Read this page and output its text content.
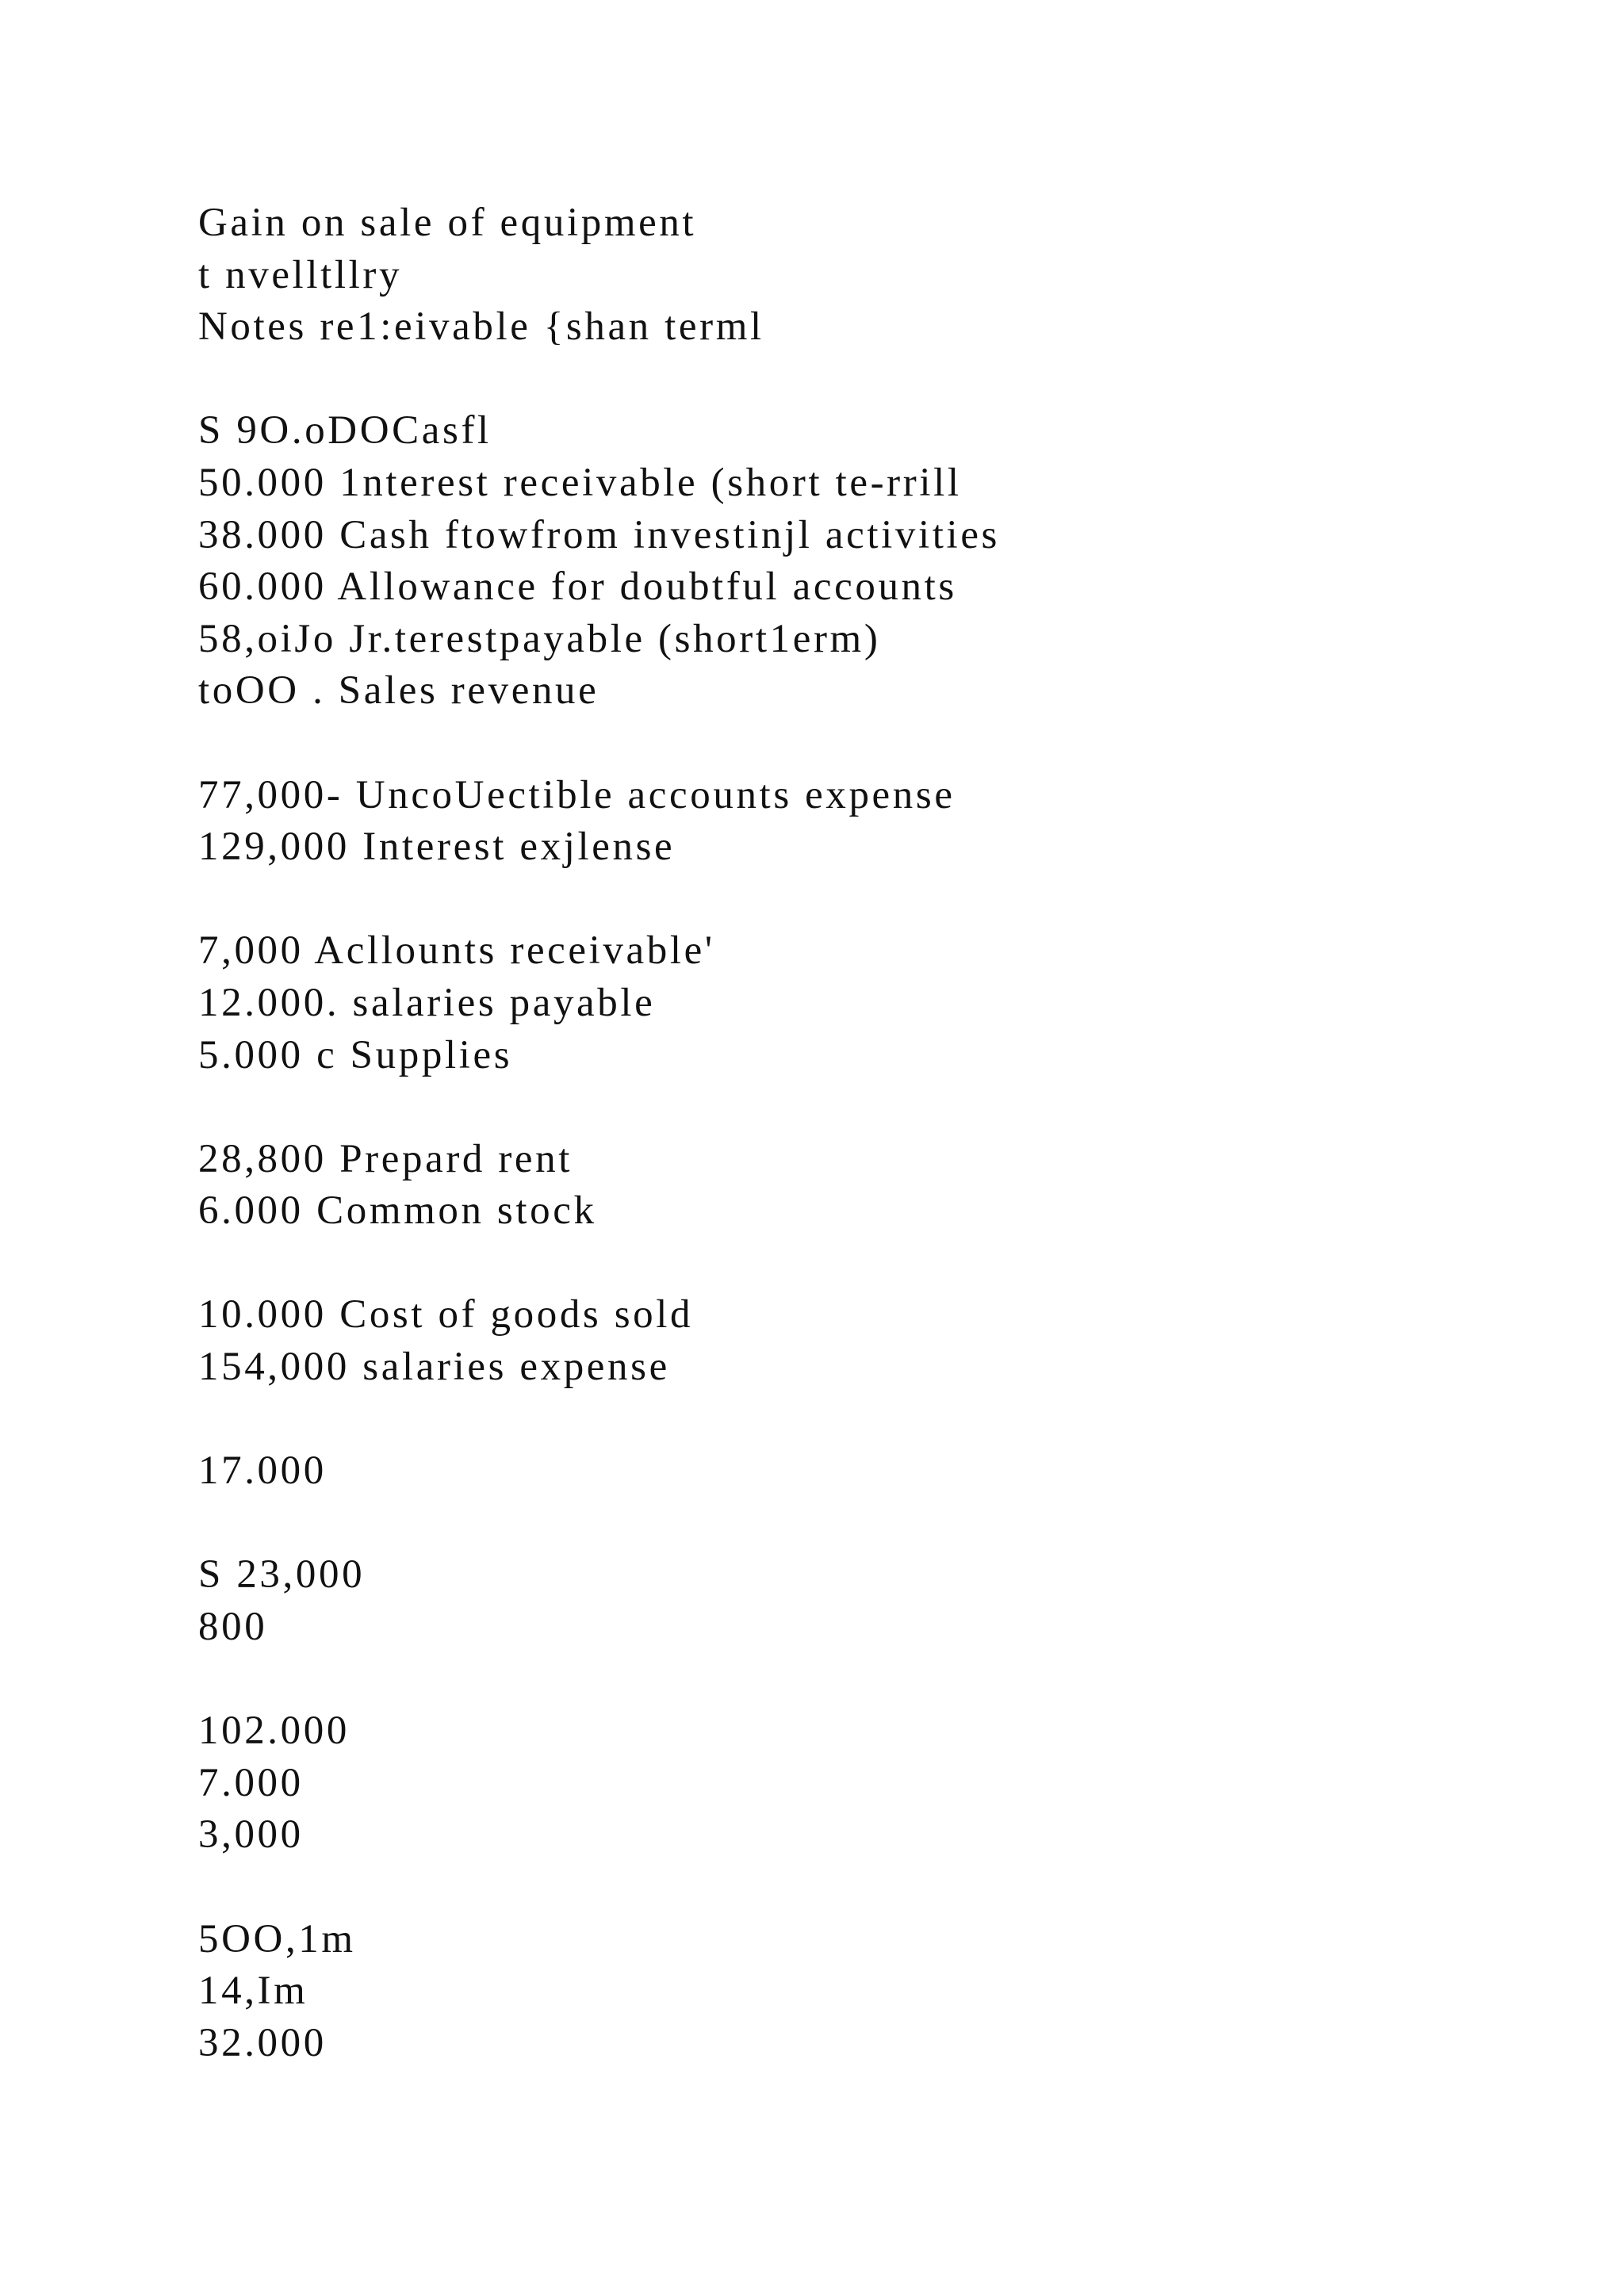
Gain on sale of equipment
t nvelltllry
Notes re1:eivable {shan terml
S 9O.oDOCasfl
50.000 1nterest receivable (short te-rrill
38.000 Cash ftowfrom investinjl activities
60.000 Allowance for doubtful accounts
58,oiJo Jr.terestpayable (short1erm)
toOO . Sales revenue
77,000- UncoUectible accounts expense
129,000 Interest exjlense
7,000 Acllounts receivable'
12.000. salaries payable
5.000 c Supplies
28,800 Prepard rent
6.000 Common stock
10.000 Cost of goods sold
154,000 salaries expense
17.000
S 23,000
800
102.000
7.000
3,000
5OO,1m
14,Im
32.000
